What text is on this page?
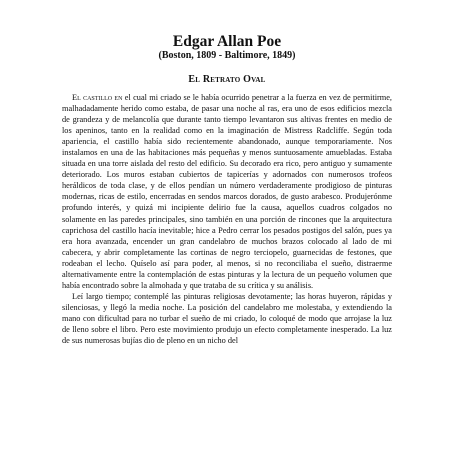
Edgar Allan Poe

(Boston, 1809 - Baltimore, 1849)

El Retrato Oval

El castillo en el cual mi criado se le había ocurrido penetrar a la fuerza en vez de permitirme, malhadadamente herido como estaba, de pasar una noche al ras, era uno de esos edificios mezcla de grandeza y de melancolía que durante tanto tiempo levantaron sus altivas frentes en medio de los apeninos, tanto en la realidad como en la imaginación de Mistress Radcliffe. Según toda apariencia, el castillo había sido recientemente abandonado, aunque temporariamente. Nos instalamos en una de las habitaciones más pequeñas y menos suntuosamente amuebladas. Estaba situada en una torre aislada del resto del edificio. Su decorado era rico, pero antiguo y sumamente deteriorado. Los muros estaban cubiertos de tapicerías y adornados con numerosos trofeos heráldicos de toda clase, y de ellos pendían un número verdaderamente prodigioso de pinturas modernas, ricas de estilo, encerradas en sendos marcos dorados, de gusto arabesco. Produjerónme profundo interés, y quizá mi incipiente delirio fue la causa, aquellos cuadros colgados no solamente en las paredes principales, sino también en una porción de rincones que la arquitectura caprichosa del castillo hacía inevitable; hice a Pedro cerrar los pesados postigos del salón, pues ya era hora avanzada, encender un gran candelabro de muchos brazos colocado al lado de mi cabecera, y abrir completamente las cortinas de negro terciopelo, guarnecidas de festones, que rodeaban el lecho. Quíselo así para poder, al menos, si no reconciliaba el sueño, distraerme alternativamente entre la contemplación de estas pinturas y la lectura de un pequeño volumen que había encontrado sobre la almohada y que trataba de su crítica y su análisis.

Leí largo tiempo; contemplé las pinturas religiosas devotamente; las horas huyeron, rápidas y silenciosas, y llegó la media noche. La posición del candelabro me molestaba, y extendiendo la mano con dificultad para no turbar el sueño de mi criado, lo coloqué de modo que arrojase la luz de lleno sobre el libro. Pero este movimiento produjo un efecto completamente inesperado. La luz de sus numerosas bujías dio de pleno en un nicho del
